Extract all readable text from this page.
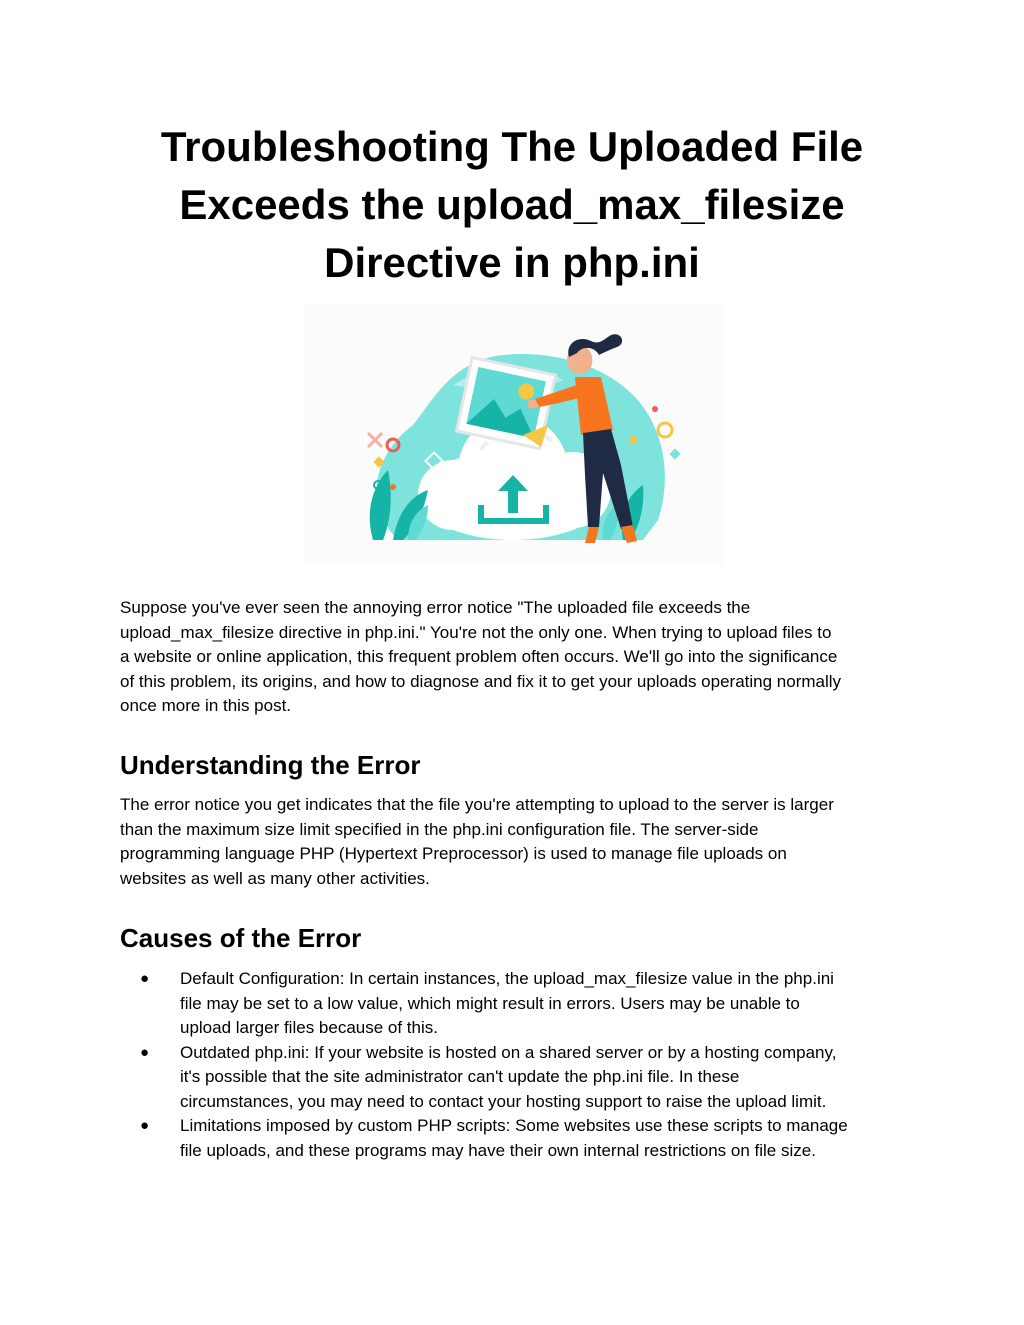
Troubleshooting The Uploaded File
Exceeds the upload_max_filesize
Directive in php.ini

Suppose you've ever seen the annoying error notice "The uploaded file exceeds the
upload_max_filesize directive in php.ini." You're not the only one. When trying to upload files to
a website or online application, this frequent problem often occurs. We'll go into the significance
of this problem, its origins, and how to diagnose and fix it to get your uploads operating normally
once more in this post.

Understanding the Error

The error notice you get indicates that the file you're attempting to upload to the server is larger
than the maximum size limit specified in the php.ini configuration file. The server-side
programming language PHP (Hypertext Preprocessor) is used to manage file uploads on
websites as well as many other activities.

Causes of the Error
● Default Configuration: In certain instances, the upload_max_filesize value in the php.ini
file may be set to a low value, which might result in errors. Users may be unable to
upload larger files because of this.
● Outdated php.ini: If your website is hosted on a shared server or by a hosting company,
it's possible that the site administrator can't update the php.ini file. In these
circumstances, you may need to contact your hosting support to raise the upload limit.
● Limitations imposed by custom PHP scripts: Some websites use these scripts to manage
file uploads, and these programs may have their own internal restrictions on file size.
